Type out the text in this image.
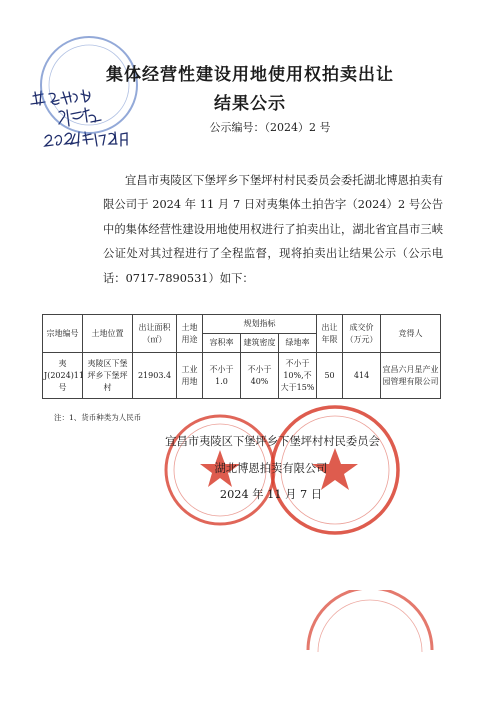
集体经营性建设用地使用权拍卖出让
结果公示
公示编号：（2024）2 号

宜昌市夷陵区下堡坪乡下堡坪村村民委员会委托湖北博恩拍卖有限公司于 2024 年 11 月 7 日对夷集体土拍告字（2024）2 号公告中的集体经营性建设用地使用权进行了拍卖出让，湖北省宜昌市三峡公证处对其过程进行了全程监督，现将拍卖出让结果公示（公示电话：0717-7890531）如下：

宗地编号	土地位置	出让面积（㎡）	土地用途	规划指标			出让年限	成交价（万元）	竞得人
				容积率	建筑密度	绿地率			
夷J(2024)11号	夷陵区下堡坪乡下堡坪村	21903.4	工业用地	不小于1.0	不小于40%	不小于10%,不大于15%	50	414	宜昌六月星产业园管理有限公司
注：1、货币种类为人民币
宜昌市夷陵区下堡坪乡下堡坪村村民委员会
湖北博恩拍卖有限公司
2024 年 11 月 7 日
